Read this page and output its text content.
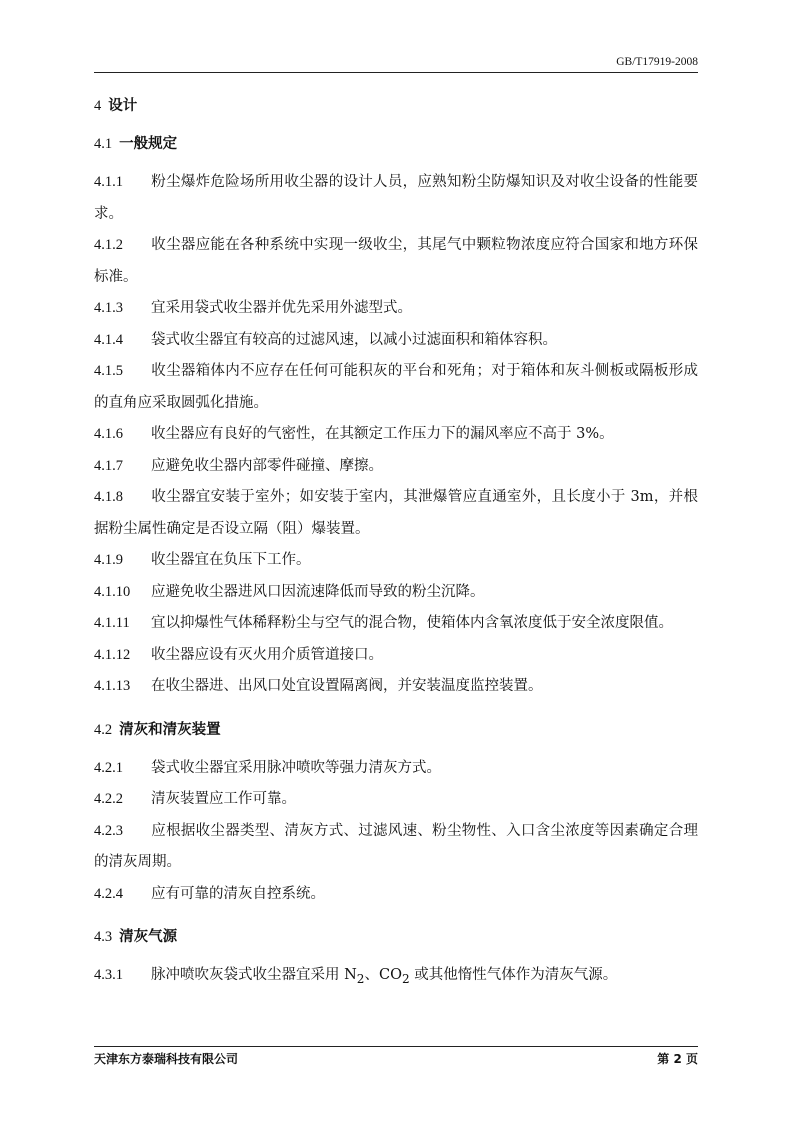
GB/T17919-2008
4 设计
4.1 一般规定
4.1.1 粉尘爆炸危险场所用收尘器的设计人员，应熟知粉尘防爆知识及对收尘设备的性能要求。
4.1.2 收尘器应能在各种系统中实现一级收尘，其尾气中颗粒物浓度应符合国家和地方环保标准。
4.1.3 宜采用袋式收尘器并优先采用外滤型式。
4.1.4 袋式收尘器宜有较高的过滤风速，以减小过滤面积和箱体容积。
4.1.5 收尘器箱体内不应存在任何可能积灰的平台和死角；对于箱体和灰斗侧板或隔板形成的直角应采取圆弧化措施。
4.1.6 收尘器应有良好的气密性，在其额定工作压力下的漏风率应不高于 3%。
4.1.7 应避免收尘器内部零件碰撞、摩擦。
4.1.8 收尘器宜安装于室外；如安装于室内，其泄爆管应直通室外，且长度小于 3m，并根据粉尘属性确定是否设立隔（阻）爆装置。
4.1.9 收尘器宜在负压下工作。
4.1.10 应避免收尘器进风口因流速降低而导致的粉尘沉降。
4.1.11 宜以抑爆性气体稀释粉尘与空气的混合物，使箱体内含氧浓度低于安全浓度限值。
4.1.12 收尘器应设有灭火用介质管道接口。
4.1.13 在收尘器进、出风口处宜设置隔离阀，并安装温度监控装置。
4.2 清灰和清灰装置
4.2.1 袋式收尘器宜采用脉冲喷吹等强力清灰方式。
4.2.2 清灰装置应工作可靠。
4.2.3 应根据收尘器类型、清灰方式、过滤风速、粉尘物性、入口含尘浓度等因素确定合理的清灰周期。
4.2.4 应有可靠的清灰自控系统。
4.3 清灰气源
4.3.1 脉冲喷吹灰袋式收尘器宜采用 $N_2$、$CO_2$ 或其他惰性气体作为清灰气源。
天津东方泰瑞科技有限公司	第 2 页
